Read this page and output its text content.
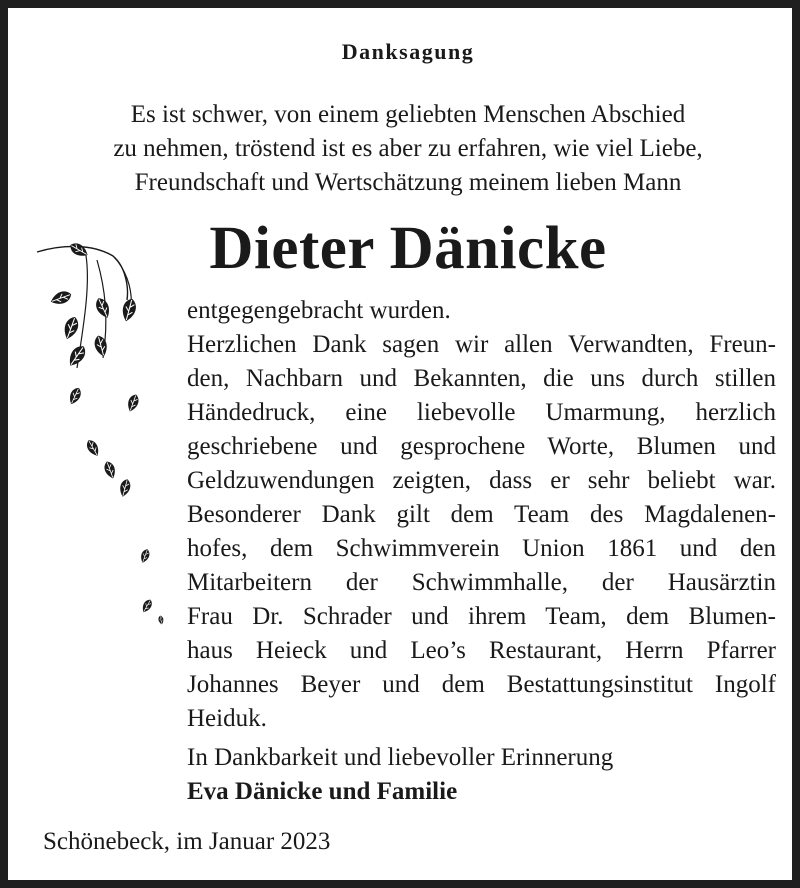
Danksagung
Es ist schwer, von einem geliebten Menschen Abschied
zu nehmen, tröstend ist es aber zu erfahren, wie viel Liebe,
Freundschaft und Wertschätzung meinem lieben Mann
Dieter Dänicke
entgegengebracht wurden.
Herzlichen Dank sagen wir allen Verwandten, Freun-
den, Nachbarn und Bekannten, die uns durch stillen
Händedruck, eine liebevolle Umarmung, herzlich
geschriebene und gesprochene Worte, Blumen und
Geldzuwendungen zeigten, dass er sehr beliebt war.
Besonderer Dank gilt dem Team des Magdalenen-
hofes, dem Schwimmverein Union 1861 und den
Mitarbeitern der Schwimmhalle, der Hausärztin
Frau Dr. Schrader und ihrem Team, dem Blumen-
haus Heieck und Leo’s Restaurant, Herrn Pfarrer
Johannes Beyer und dem Bestattungsinstitut Ingolf
Heiduk.
In Dankbarkeit und liebevoller Erinnerung
Eva Dänicke und Familie
Schönebeck, im Januar 2023
